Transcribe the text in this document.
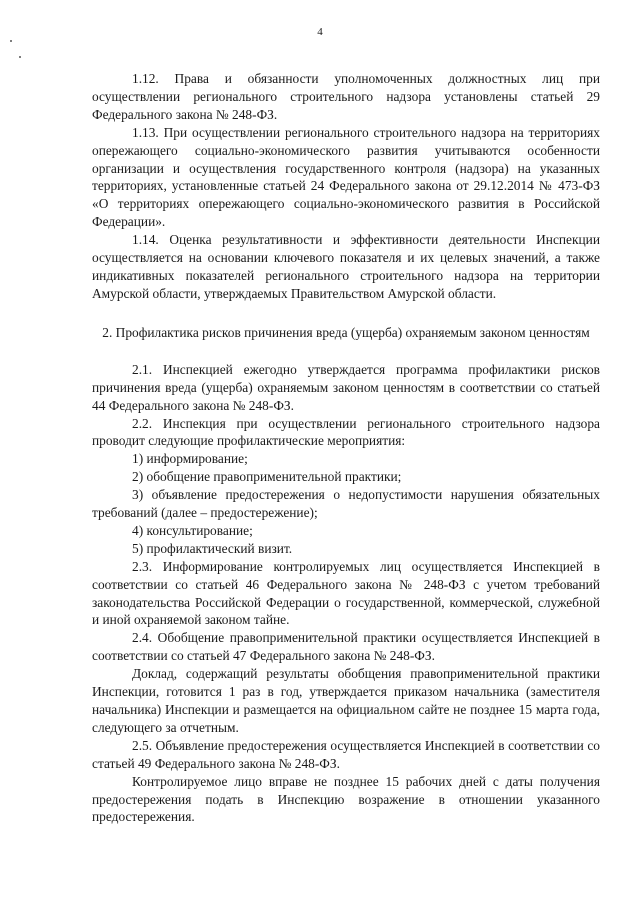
4

1.12. Права и обязанности уполномоченных должностных лиц при осуществлении регионального строительного надзора установлены статьей 29 Федерального закона № 248-ФЗ.

1.13. При осуществлении регионального строительного надзора на территориях опережающего социально-экономического развития учитываются особенности организации и осуществления государственного контроля (надзора) на указанных территориях, установленные статьей 24 Федерального закона от 29.12.2014 № 473-ФЗ «О территориях опережающего социально-экономического развития в Российской Федерации».

1.14. Оценка результативности и эффективности деятельности Инспекции осуществляется на основании ключевого показателя и их целевых значений, а также индикативных показателей регионального строительного надзора на территории Амурской области, утверждаемых Правительством Амурской области.

2. Профилактика рисков причинения вреда (ущерба) охраняемым законом ценностям

2.1. Инспекцией ежегодно утверждается программа профилактики рисков причинения вреда (ущерба) охраняемым законом ценностям в соответствии со статьей 44 Федерального закона № 248-ФЗ.

2.2. Инспекция при осуществлении регионального строительного надзора проводит следующие профилактические мероприятия:

1) информирование;

2) обобщение правоприменительной практики;

3) объявление предостережения о недопустимости нарушения обязательных требований (далее – предостережение);

4) консультирование;

5) профилактический визит.

2.3. Информирование контролируемых лиц осуществляется Инспекцией в соответствии со статьей 46 Федерального закона № 248-ФЗ с учетом требований законодательства Российской Федерации о государственной, коммерческой, служебной и иной охраняемой законом тайне.

2.4. Обобщение правоприменительной практики осуществляется Инспекцией в соответствии со статьей 47 Федерального закона № 248-ФЗ.

Доклад, содержащий результаты обобщения правоприменительной практики Инспекции, готовится 1 раз в год, утверждается приказом начальника (заместителя начальника) Инспекции и размещается на официальном сайте не позднее 15 марта года, следующего за отчетным.

2.5. Объявление предостережения осуществляется Инспекцией в соответствии со статьей 49 Федерального закона № 248-ФЗ.

Контролируемое лицо вправе не позднее 15 рабочих дней с даты получения предостережения подать в Инспекцию возражение в отношении указанного предостережения.
